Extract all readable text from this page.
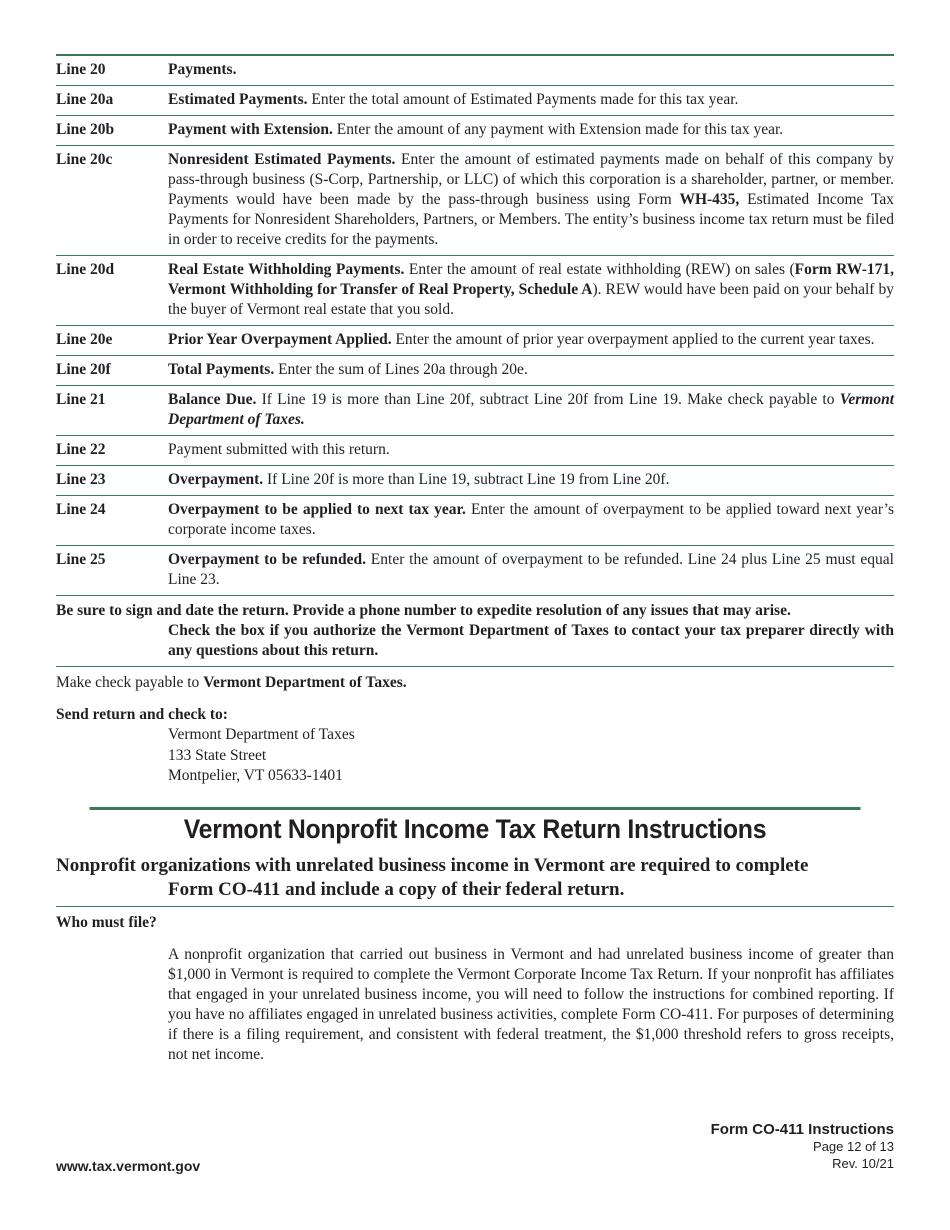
Line 20	Payments.
Line 20a	Estimated Payments. Enter the total amount of Estimated Payments made for this tax year.
Line 20b	Payment with Extension. Enter the amount of any payment with Extension made for this tax year.
Line 20c	Nonresident Estimated Payments. Enter the amount of estimated payments made on behalf of this company by pass-through business (S-Corp, Partnership, or LLC) of which this corporation is a shareholder, partner, or member. Payments would have been made by the pass-through business using Form WH-435, Estimated Income Tax Payments for Nonresident Shareholders, Partners, or Members. The entity’s business income tax return must be filed in order to receive credits for the payments.
Line 20d	Real Estate Withholding Payments. Enter the amount of real estate withholding (REW) on sales (Form RW-171, Vermont Withholding for Transfer of Real Property, Schedule A). REW would have been paid on your behalf by the buyer of Vermont real estate that you sold.
Line 20e	Prior Year Overpayment Applied. Enter the amount of prior year overpayment applied to the current year taxes.
Line 20f	Total Payments. Enter the sum of Lines 20a through 20e.
Line 21	Balance Due. If Line 19 is more than Line 20f, subtract Line 20f from Line 19. Make check payable to Vermont Department of Taxes.
Line 22	Payment submitted with this return.
Line 23	Overpayment. If Line 20f is more than Line 19, subtract Line 19 from Line 20f.
Line 24	Overpayment to be applied to next tax year. Enter the amount of overpayment to be applied toward next year’s corporate income taxes.
Line 25	Overpayment to be refunded. Enter the amount of overpayment to be refunded. Line 24 plus Line 25 must equal Line 23.
Be sure to sign and date the return. Provide a phone number to expedite resolution of any issues that may arise.
Check the box if you authorize the Vermont Department of Taxes to contact your tax preparer directly with any questions about this return.
Make check payable to Vermont Department of Taxes.
Send return and check to:
Vermont Department of Taxes
133 State Street
Montpelier, VT 05633-1401
Vermont Nonprofit Income Tax Return Instructions
Nonprofit organizations with unrelated business income in Vermont are required to complete
Form CO-411 and include a copy of their federal return.
Who must file?
A nonprofit organization that carried out business in Vermont and had unrelated business income of greater than $1,000 in Vermont is required to complete the Vermont Corporate Income Tax Return. If your nonprofit has affiliates that engaged in your unrelated business income, you will need to follow the instructions for combined reporting. If you have no affiliates engaged in unrelated business activities, complete Form CO-411. For purposes of determining if there is a filing requirement, and consistent with federal treatment, the $1,000 threshold refers to gross receipts, not net income.
www.tax.vermont.gov
Form CO-411 Instructions
Page 12 of 13
Rev. 10/21
